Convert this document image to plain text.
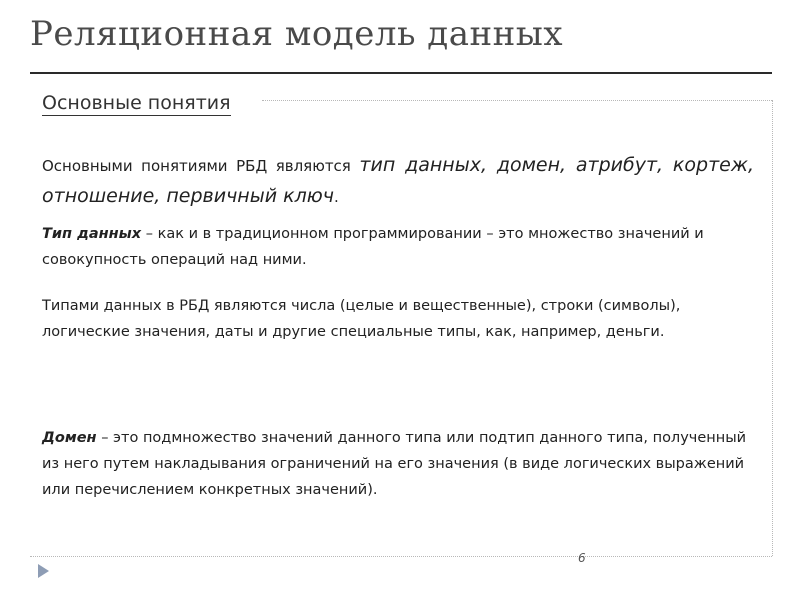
Реляционная модель данных
Основные понятия

Основными понятиями РБД являются тип данных, домен, атрибут, кортеж, отношение, первичный ключ.

Тип данных – как и в традиционном программировании – это множество значений и совокупность операций над ними.

Типами данных в РБД являются числа (целые и вещественные), строки (символы), логические значения, даты и другие специальные типы, как, например, деньги.

Домен – это подмножество значений данного типа или подтип данного типа, полученный из него путем накладывания ограничений на его значения (в виде логических выражений или перечислением конкретных значений).

6
